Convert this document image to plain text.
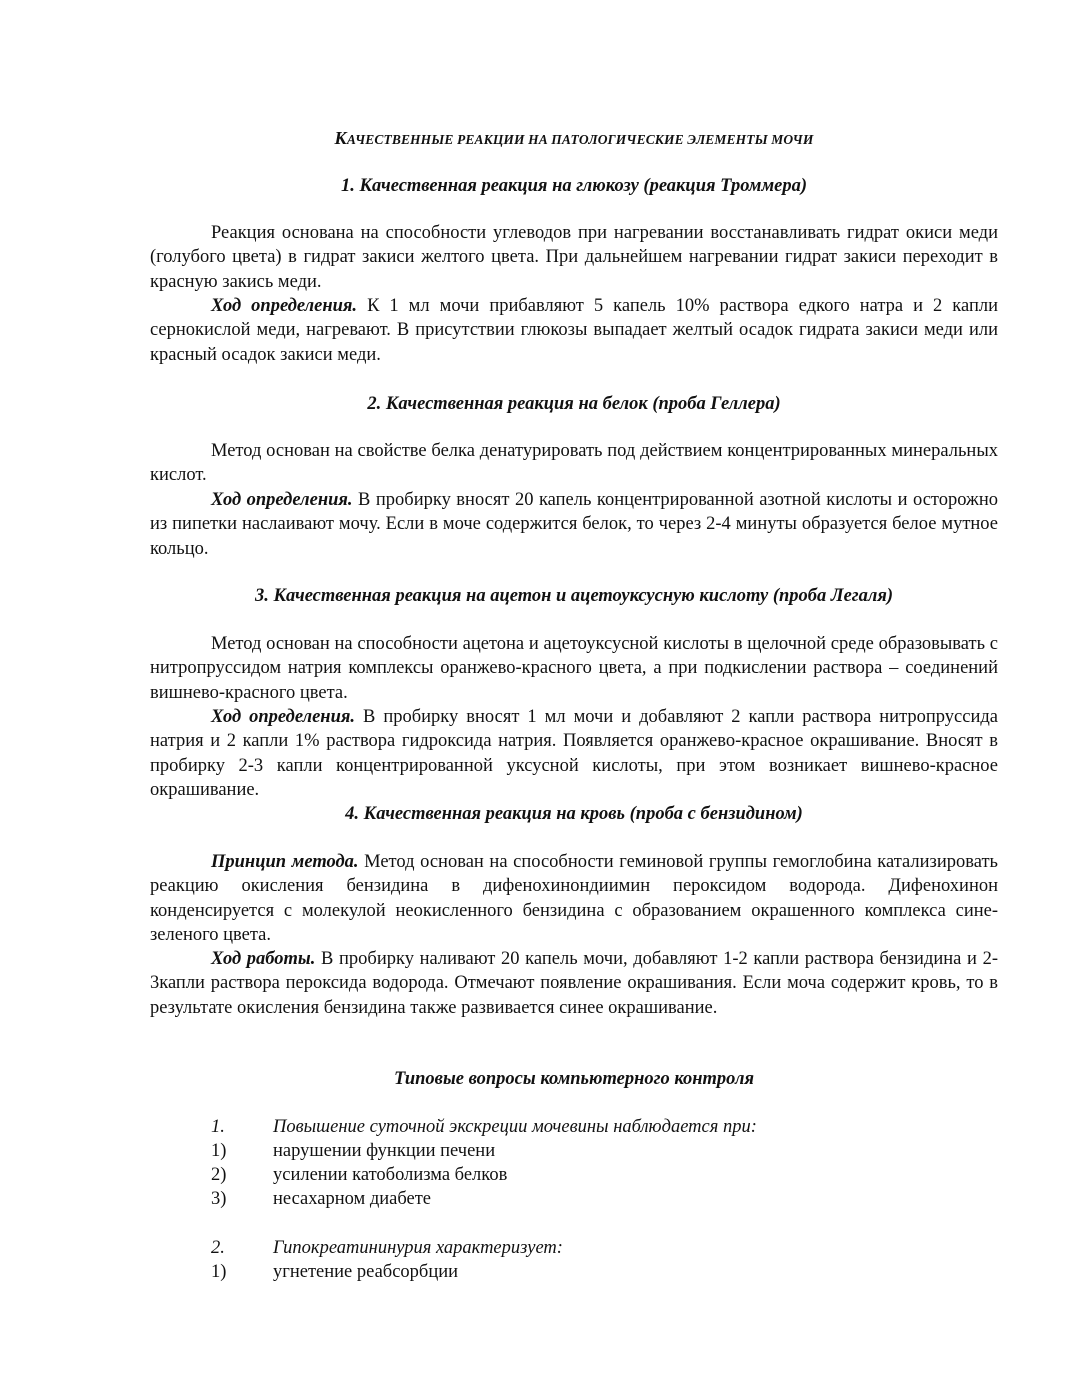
КАЧЕСТВЕННЫЕ РЕАКЦИИ НА ПАТОЛОГИЧЕСКИЕ ЭЛЕМЕНТЫ МОЧИ
1. Качественная реакция на глюкозу (реакция Троммера)

Реакция основана на способности углеводов при нагревании восстанавливать гидрат окиси меди (голубого цвета) в гидрат закиси желтого цвета. При дальнейшем нагревании гидрат закиси переходит в красную закись меди.

Ход определения. К 1 мл мочи прибавляют 5 капель 10% раствора едкого натра и 2 капли сернокислой меди, нагревают. В присутствии глюкозы выпадает желтый осадок гидрата закиси меди или красный осадок закиси меди.

2. Качественная реакция на белок (проба Геллера)

Метод основан на свойстве белка денатурировать под действием концентрированных минеральных кислот.

Ход определения. В пробирку вносят 20 капель концентрированной азотной кислоты и осторожно из пипетки наслаивают мочу. Если в моче содержится белок, то через 2-4 минуты образуется белое мутное кольцо.

3. Качественная реакция на ацетон и ацетоуксусную кислоту (проба Легаля)

Метод основан на способности ацетона и ацетоуксусной кислоты в щелочной среде образовывать с нитропруссидом натрия комплексы оранжево-красного цвета, а при подкислении раствора – соединений вишнево-красного цвета.

Ход определения. В пробирку вносят 1 мл мочи и добавляют 2 капли раствора нитропруссида натрия и 2 капли 1% раствора гидроксида натрия. Появляется оранжево-красное окрашивание. Вносят в пробирку 2-3 капли концентрированной уксусной кислоты, при этом возникает вишнево-красное окрашивание.

4. Качественная реакция на кровь (проба с бензидином)

Принцип метода. Метод основан на способности геминовой группы гемоглобина катализировать реакцию окисления бензидина в дифенохинондиимин пероксидом водорода. Дифенохинон конденсируется с молекулой неокисленного бензидина с образованием окрашенного комплекса сине-зеленого цвета.

Ход работы. В пробирку наливают 20 капель мочи, добавляют 1-2 капли раствора бензидина и 2-3капли раствора пероксида водорода. Отмечают появление окрашивания. Если моча содержит кровь, то в результате окисления бензидина также развивается синее окрашивание.

Типовые вопросы компьютерного контроля
1.	Повышение суточной экскреции мочевины наблюдается при:
1)	нарушении функции печени
2)	усилении катоболизма белков
3)	несахарном диабете
2.	Гипокреатининурия характеризует:
1)	угнетение реабсорбции
